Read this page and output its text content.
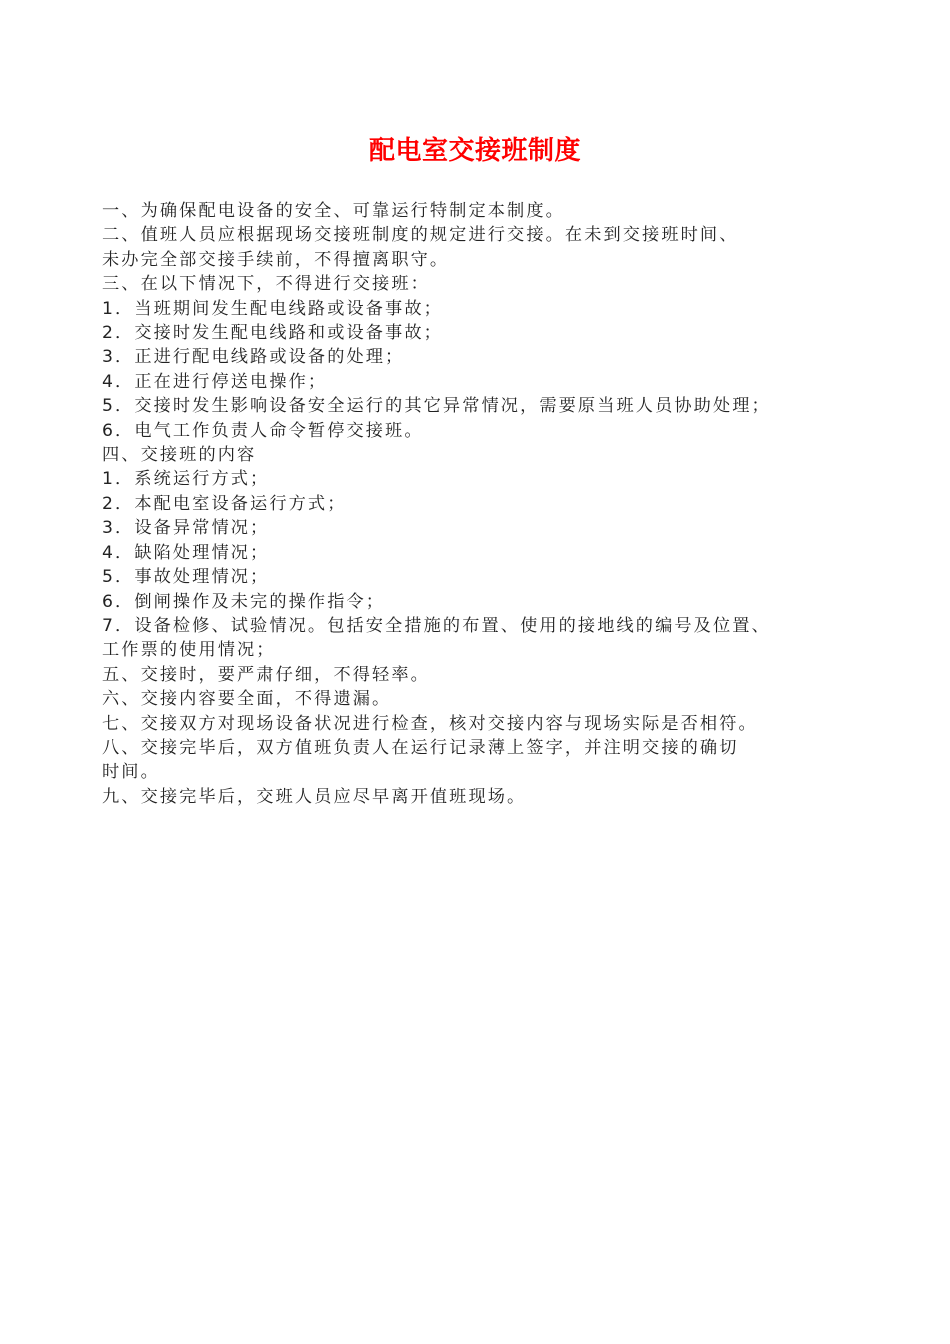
配电室交接班制度
一、为确保配电设备的安全、可靠运行特制定本制度。
二、值班人员应根据现场交接班制度的规定进行交接。在未到交接班时间、
未办完全部交接手续前，不得擅离职守。
三、在以下情况下，不得进行交接班：
1．当班期间发生配电线路或设备事故；
2．交接时发生配电线路和或设备事故；
3．正进行配电线路或设备的处理；
4．正在进行停送电操作；
5．交接时发生影响设备安全运行的其它异常情况，需要原当班人员协助处理；
6．电气工作负责人命令暂停交接班。
四、交接班的内容
1．系统运行方式；
2．本配电室设备运行方式；
3．设备异常情况；
4．缺陷处理情况；
5．事故处理情况；
6．倒闸操作及未完的操作指令；
7．设备检修、试验情况。包括安全措施的布置、使用的接地线的编号及位置、
工作票的使用情况；
五、交接时，要严肃仔细，不得轻率。
六、交接内容要全面，不得遗漏。
七、交接双方对现场设备状况进行检查，核对交接内容与现场实际是否相符。
八、交接完毕后，双方值班负责人在运行记录薄上签字，并注明交接的确切
时间。
九、交接完毕后，交班人员应尽早离开值班现场。
